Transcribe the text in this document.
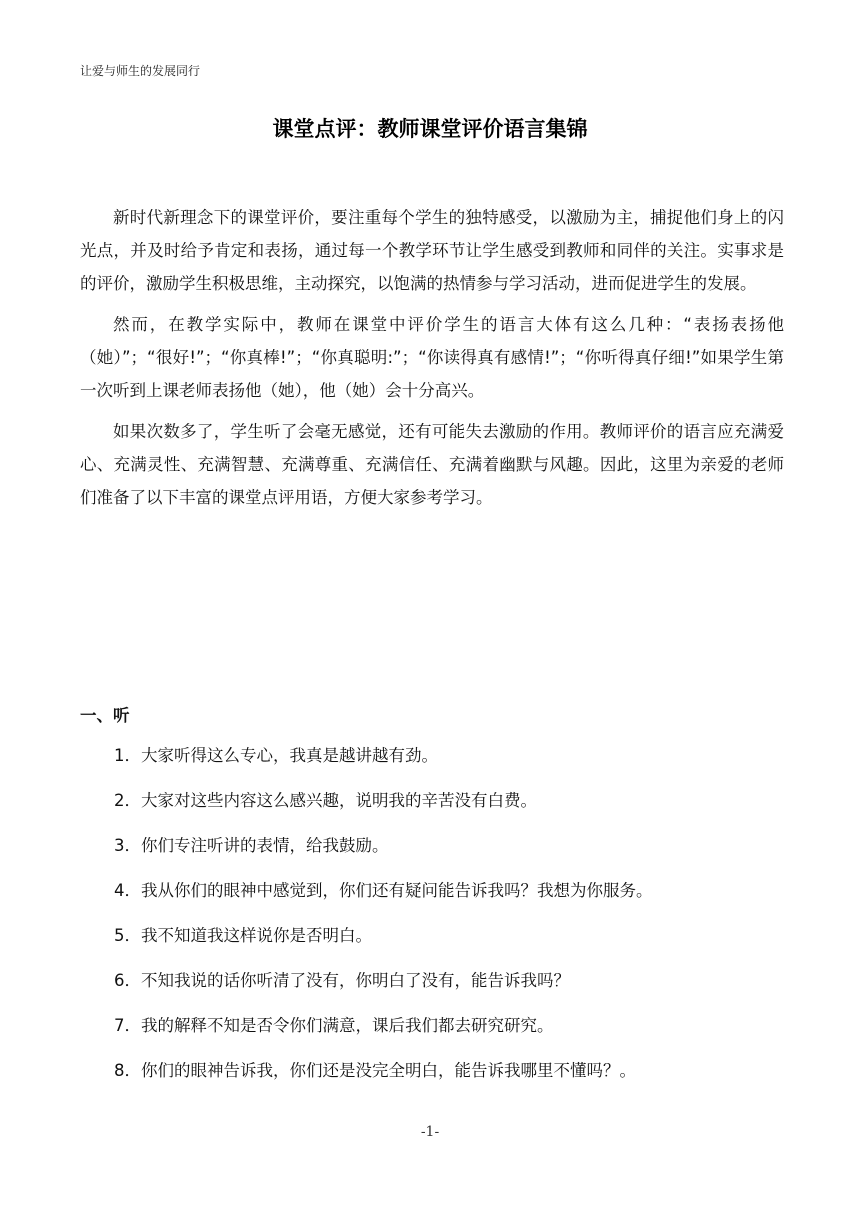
让爱与师生的发展同行
课堂点评：教师课堂评价语言集锦

新时代新理念下的课堂评价，要注重每个学生的独特感受，以激励为主，捕捉他们身上的闪光点，并及时给予肯定和表扬，通过每一个教学环节让学生感受到教师和同伴的关注。实事求是的评价，激励学生积极思维，主动探究，以饱满的热情参与学习活动，进而促进学生的发展。

然而，在教学实际中，教师在课堂中评价学生的语言大体有这么几种：“表扬表扬他（她）”；“很好!”；“你真棒!”；“你真聪明:”；“你读得真有感情!”；“你听得真仔细!”如果学生第一次听到上课老师表扬他（她），他（她）会十分高兴。

如果次数多了，学生听了会毫无感觉，还有可能失去激励的作用。教师评价的语言应充满爱心、充满灵性、充满智慧、充满尊重、充满信任、充满着幽默与风趣。因此，这里为亲爱的老师们准备了以下丰富的课堂点评用语，方便大家参考学习。

一、听
1．大家听得这么专心，我真是越讲越有劲。
2．大家对这些内容这么感兴趣，说明我的辛苦没有白费。
3．你们专注听讲的表情，给我鼓励。
4．我从你们的眼神中感觉到，你们还有疑问能告诉我吗？我想为你服务。
5．我不知道我这样说你是否明白。
6．不知我说的话你听清了没有，你明白了没有，能告诉我吗？
7．我的解释不知是否令你们满意，课后我们都去研究研究。
8．你们的眼神告诉我，你们还是没完全明白，能告诉我哪里不懂吗？。
-1-
